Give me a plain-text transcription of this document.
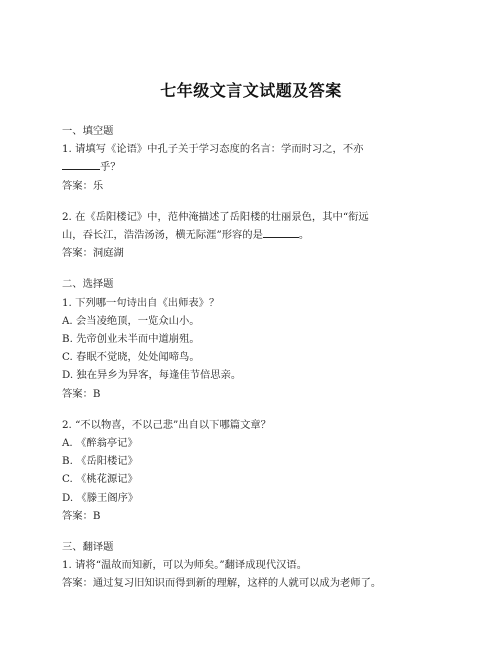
七年级文言文试题及答案
一、填空题
1. 请填写《论语》中孔子关于学习态度的名言：学而时习之，不亦
乎？
答案：乐
2. 在《岳阳楼记》中，范仲淹描述了岳阳楼的壮丽景色，其中“衔远
山，吞长江，浩浩汤汤，横无际涯”形容的是	。
答案：洞庭湖
二、选择题
1. 下列哪一句诗出自《出师表》？
A. 会当凌绝顶，一览众山小。
B. 先帝创业未半而中道崩殂。
C. 春眠不觉晓，处处闻啼鸟。
D. 独在异乡为异客，每逢佳节倍思亲。
答案：B
2. “不以物喜，不以己悲”出自以下哪篇文章？
A. 《醉翁亭记》
B. 《岳阳楼记》
C. 《桃花源记》
D. 《滕王阁序》
答案：B
三、翻译题
1. 请将“温故而知新，可以为师矣。”翻译成现代汉语。
答案：通过复习旧知识而得到新的理解，这样的人就可以成为老师了。
